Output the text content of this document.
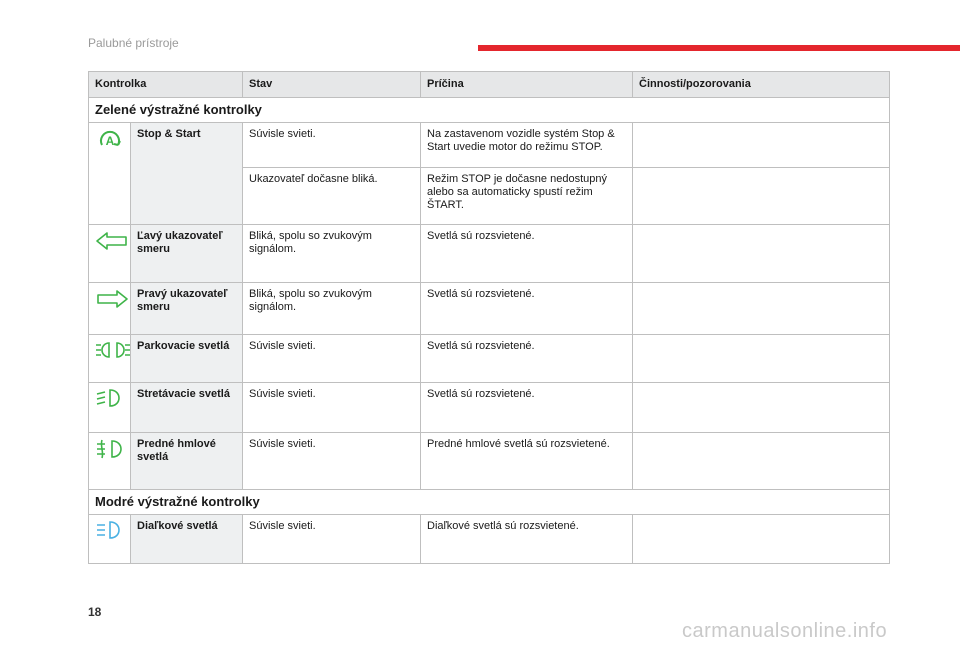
Palubné prístroje
Kontrolka		Stav	Príčina	Činnosti/pozorovania
Zelené výstražné kontrolky				

A	Stop & Start	Súvisle svieti.	Na zastavenom vozidle systém Stop & Start uvedie motor do režimu STOP.	
		Ukazovateľ dočasne bliká.	Režim STOP je dočasne nedostupný alebo sa automaticky spustí režim ŠTART.	

	Ľavý ukazovateľ smeru	Bliká, spolu so zvukovým signálom.	Svetlá sú rozsvietené.	

	Pravý ukazovateľ smeru	Bliká, spolu so zvukovým signálom.	Svetlá sú rozsvietené.	

	Parkovacie svetlá	Súvisle svieti.	Svetlá sú rozsvietené.	

	Stretávacie svetlá	Súvisle svieti.	Svetlá sú rozsvietené.	

	Predné hmlové svetlá	Súvisle svieti.	Predné hmlové svetlá sú rozsvietené.	
Modré výstražné kontrolky				

	Diaľkové svetlá	Súvisle svieti.	Diaľkové svetlá sú rozsvietené.	
18
carmanualsonline.info
